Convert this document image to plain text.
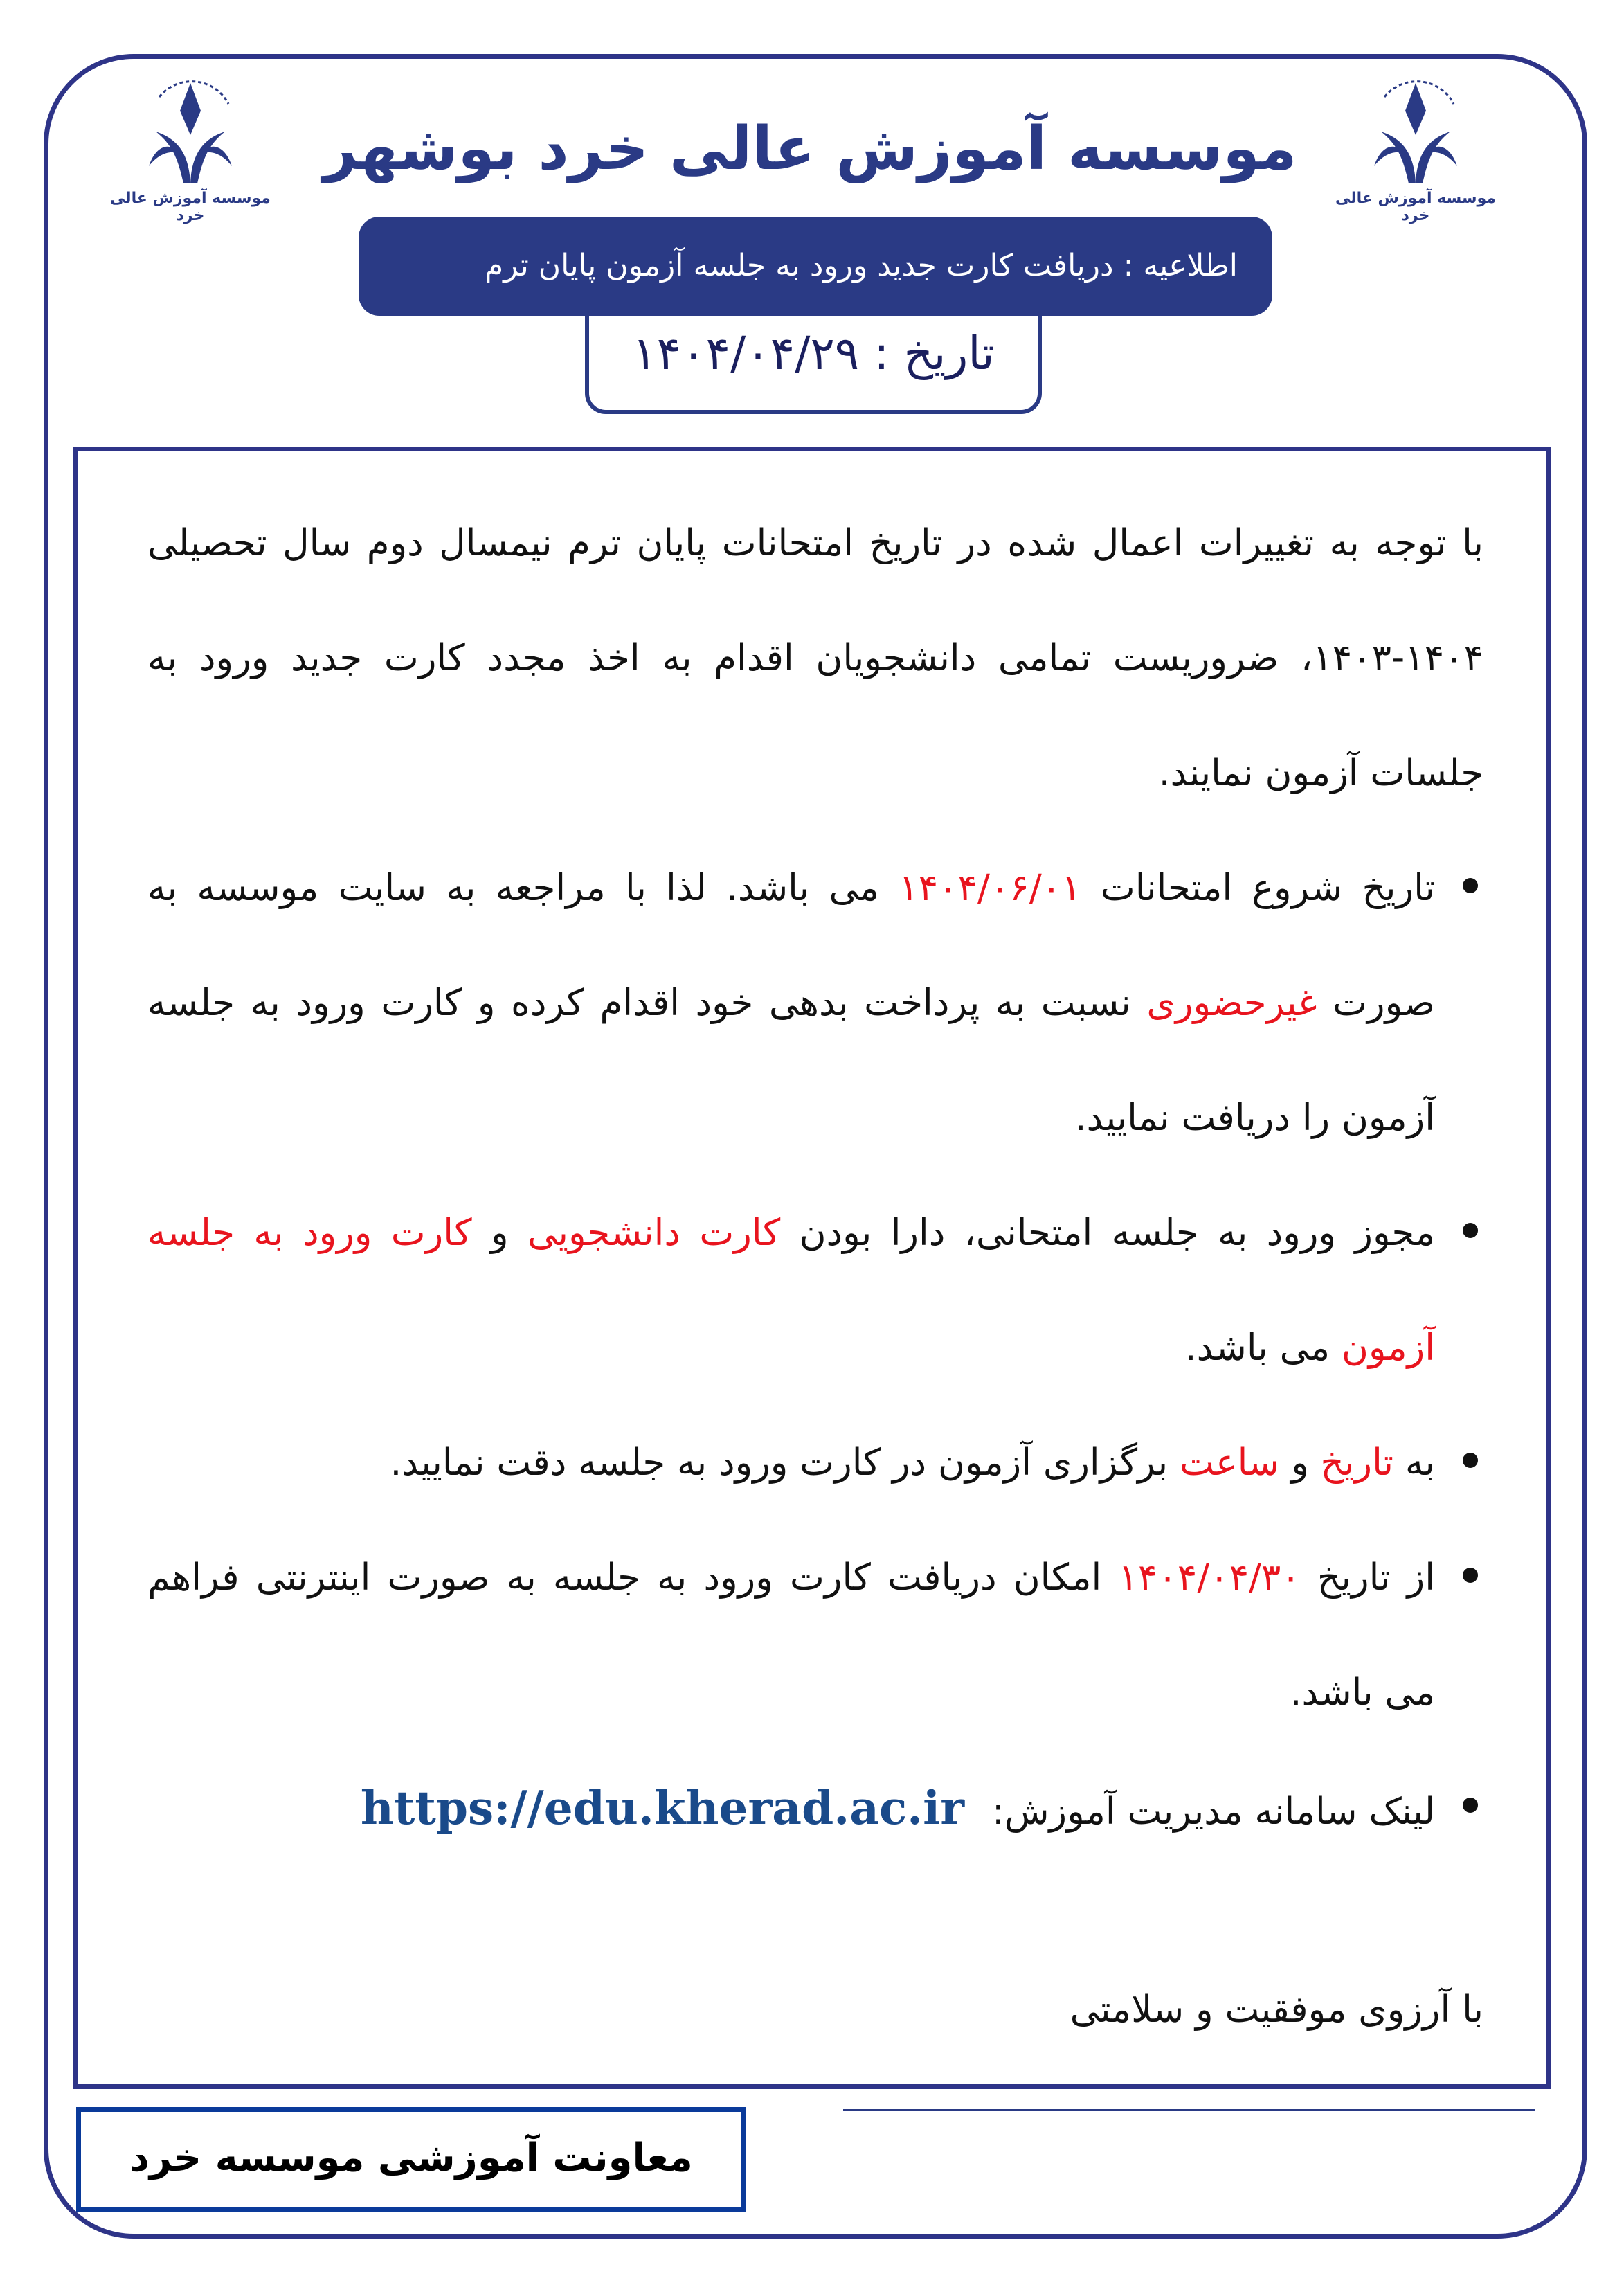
موسسه آموزش عالی خرد
موسسه آموزش عالی خرد
موسسه آموزش عالی خرد بوشهر
اطلاعیه : دریافت کارت جدید ورود به جلسه آزمون پایان ترم
تاریخ : ۱۴۰۴/۰۴/۲۹

با توجه به تغییرات اعمال شده در تاریخ امتحانات پایان ترم نیمسال دوم سال تحصیلی ۱۴۰۴-۱۴۰۳، ضروریست تمامی دانشجویان اقدام به اخذ مجدد کارت جدید ورود به جلسات آزمون نمایند.

تاریخ شروع امتحانات ۱۴۰۴/۰۶/۰۱ می باشد. لذا با مراجعه به سایت موسسه به صورت غیرحضوری نسبت به پرداخت بدهی خود اقدام کرده و کارت ورود به جلسه آزمون را دریافت نمایید.
مجوز ورود به جلسه امتحانی، دارا بودن کارت دانشجویی و کارت ورود به جلسه آزمون می باشد.
به تاریخ و ساعت برگزاری آزمون در کارت ورود به جلسه دقت نمایید.
از تاریخ ۱۴۰۴/۰۴/۳۰ امکان دریافت کارت ورود به جلسه به صورت اینترنتی فراهم می باشد.
لینک سامانه مدیریت آموزش:https://edu.kherad.ac.ir

با آرزوی موفقیت و سلامتی

معاونت آموزشی موسسه خرد
